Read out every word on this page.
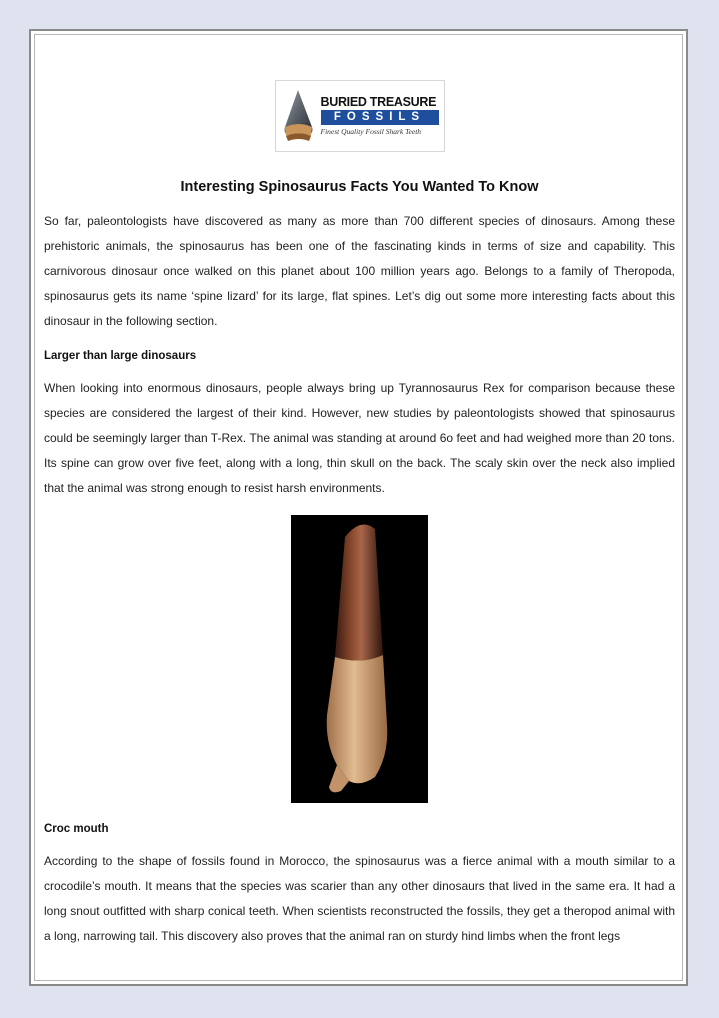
BURIED TREASURE
FOSSILS
Finest Quality Fossil Shark Teeth
Interesting Spinosaurus Facts You Wanted To Know

So far, paleontologists have discovered as many as more than 700 different species of dinosaurs. Among these prehistoric animals, the spinosaurus has been one of the fascinating kinds in terms of size and capability. This carnivorous dinosaur once walked on this planet about 100 million years ago. Belongs to a family of Theropoda, spinosaurus gets its name ‘spine lizard’ for its large, flat spines. Let’s dig out some more interesting facts about this dinosaur in the following section.

Larger than large dinosaurs

When looking into enormous dinosaurs, people always bring up Tyrannosaurus Rex for comparison because these species are considered the largest of their kind. However, new studies by paleontologists showed that spinosaurus could be seemingly larger than T-Rex. The animal was standing at around 6o feet and had weighed more than 20 tons. Its spine can grow over five feet, along with a long, thin skull on the back. The scaly skin over the neck also implied that the animal was strong enough to resist harsh environments.

Croc mouth

According to the shape of fossils found in Morocco, the spinosaurus was a fierce animal with a mouth similar to a crocodile’s mouth. It means that the species was scarier than any other dinosaurs that lived in the same era. It had a long snout outfitted with sharp conical teeth. When scientists reconstructed the fossils, they get a theropod animal with a long, narrowing tail. This discovery also proves that the animal ran on sturdy hind limbs when the front legs
